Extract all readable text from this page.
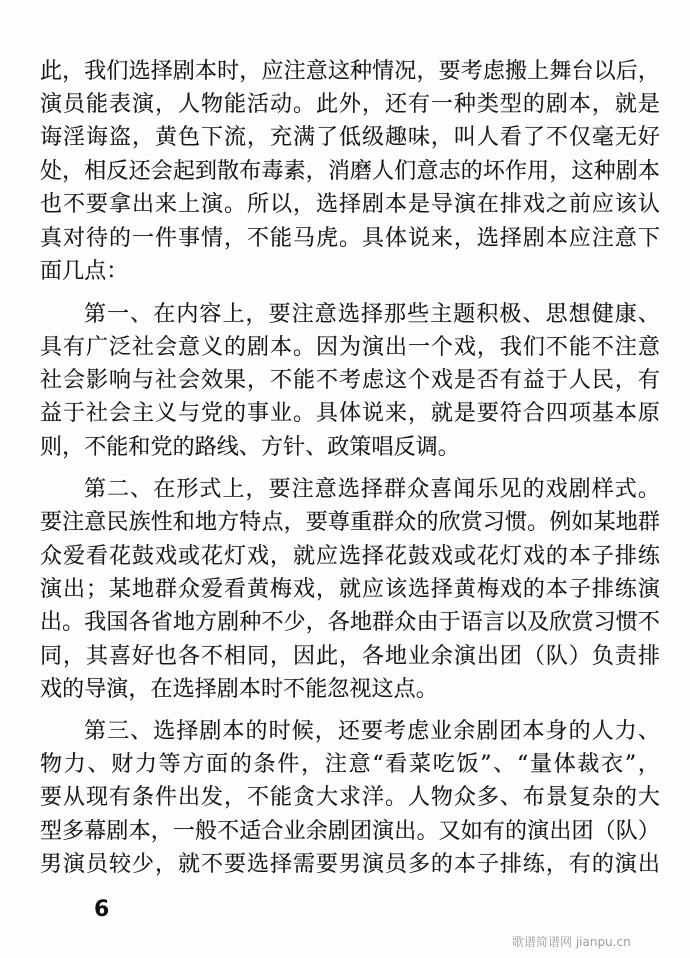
此，我们选择剧本时，应注意这种情况，要考虑搬上舞台以后，
演员能表演，人物能活动。此外，还有一种类型的剧本，就是
诲淫诲盗，黄色下流，充满了低级趣味，叫人看了不仅毫无好
处，相反还会起到散布毒素，消磨人们意志的坏作用，这种剧本
也不要拿出来上演。所以，选择剧本是导演在排戏之前应该认
真对待的一件事情，不能马虎。具体说来，选择剧本应注意下
面几点：
第一、在内容上，要注意选择那些主题积极、思想健康、
具有广泛社会意义的剧本。因为演出一个戏，我们不能不注意
社会影响与社会效果，不能不考虑这个戏是否有益于人民，有
益于社会主义与党的事业。具体说来，就是要符合四项基本原
则，不能和党的路线、方针、政策唱反调。
第二、在形式上，要注意选择群众喜闻乐见的戏剧样式。
要注意民族性和地方特点，要尊重群众的欣赏习惯。例如某地群
众爱看花鼓戏或花灯戏，就应选择花鼓戏或花灯戏的本子排练
演出；某地群众爱看黄梅戏，就应该选择黄梅戏的本子排练演
出。我国各省地方剧种不少，各地群众由于语言以及欣赏习惯不
同，其喜好也各不相同，因此，各地业余演出团（队）负责排
戏的导演，在选择剧本时不能忽视这点。
第三、选择剧本的时候，还要考虑业余剧团本身的人力、
物力、财力等方面的条件，注意“看菜吃饭”、“量体裁衣”，
要从现有条件出发，不能贪大求洋。人物众多、布景复杂的大
型多幕剧本，一般不适合业余剧团演出。又如有的演出团（队）
男演员较少，就不要选择需要男演员多的本子排练，有的演出
6
歌谱简谱网 jianpu.cn
